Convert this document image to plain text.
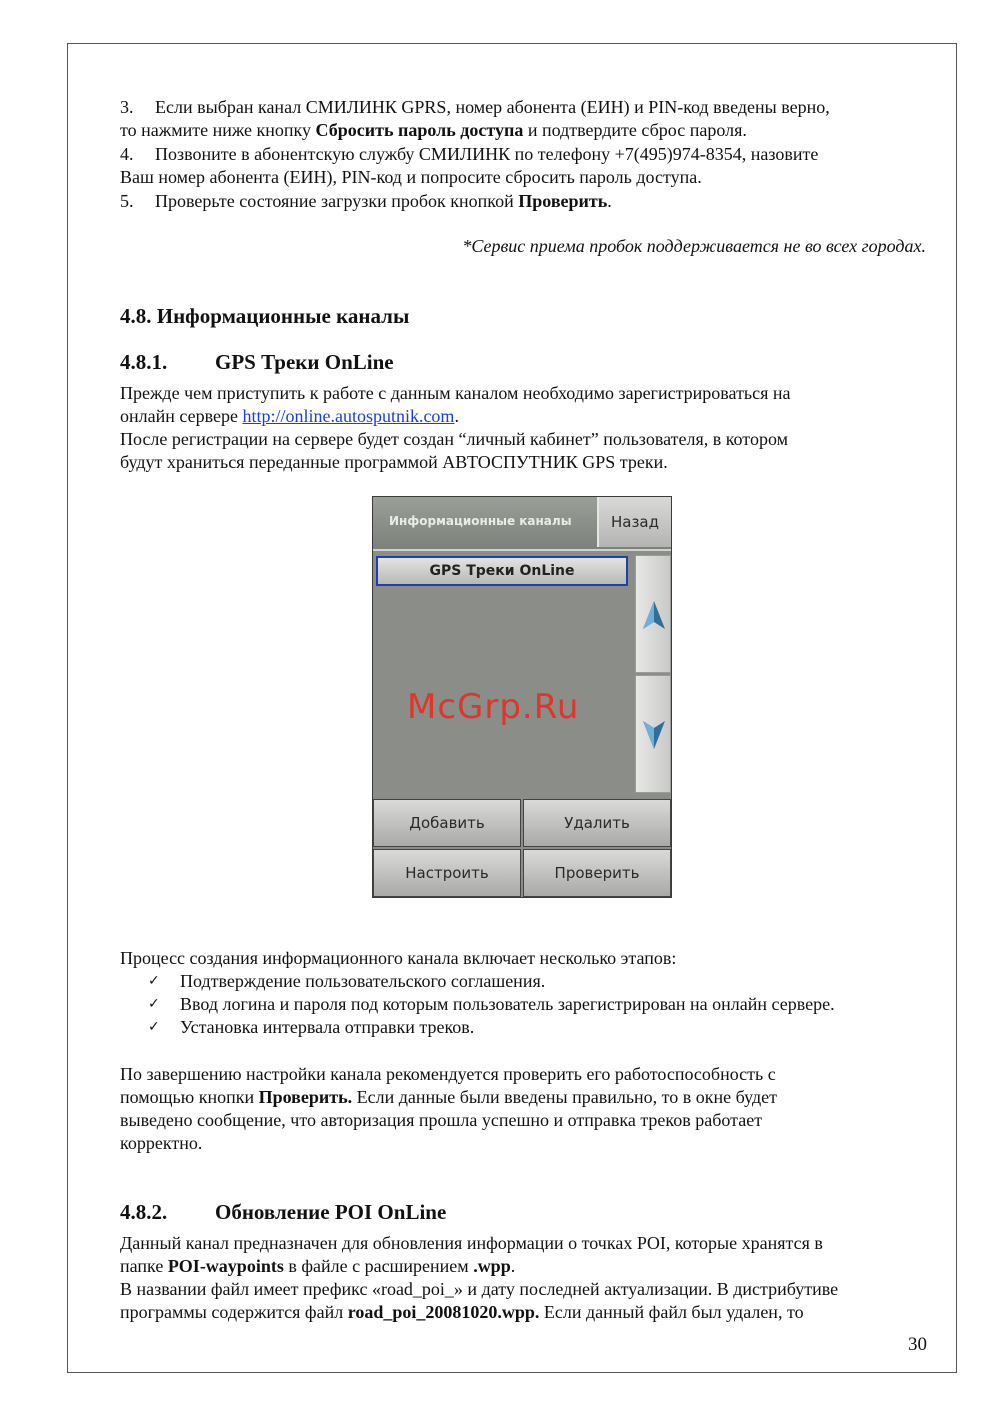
3. Если выбран канал СМИЛИНК GPRS, номер абонента (ЕИН) и PIN-код введены верно,
то нажмите ниже кнопку Сбросить пароль доступа и подтвердите сброс пароля.

4. Позвоните в абонентскую службу СМИЛИНК по телефону +7(495)974-8354, назовите
Ваш номер абонента (ЕИН), PIN-код и попросите сбросить пароль доступа.

5. Проверьте состояние загрузки пробок кнопкой Проверить.

*Сервис приема пробок поддерживается не во всех городах.
4.8. Информационные каналы
4.8.1. GPS Треки OnLine

Прежде чем приступить к работе с данным каналом необходимо зарегистрироваться на
онлайн сервере http://online.autosputnik.com.

После регистрации на сервере будет создан “личный кабинет” пользователя, в котором
будут храниться переданные программой АВТОСПУТНИК GPS треки.

Информационные каналы	Назад
GPS Треки OnLine
McGrp.Ru
Добавить	Удалить
Настроить	Проверить

Процесс создания информационного канала включает несколько этапов:

✓	Подтверждение пользовательского соглашения.
✓	Ввод логина и пароля под которым пользователь зарегистрирован на онлайн сервере.
✓	Установка интервала отправки треков.

По завершению настройки канала рекомендуется проверить его работоспособность с
помощью кнопки Проверить. Если данные были введены правильно, то в окне будет
выведено сообщение, что авторизация прошла успешно и отправка треков работает
корректно.

4.8.2. Обновление POI OnLine

Данный канал предназначен для обновления информации о точках POI, которые хранятся в
папке POI-waypoints в файле с расширением .wpp.
В названии файл имеет префикс «road_poi_» и дату последней актуализации. В дистрибутиве
программы содержится файл road_poi_20081020.wpp. Если данный файл был удален, то

30
